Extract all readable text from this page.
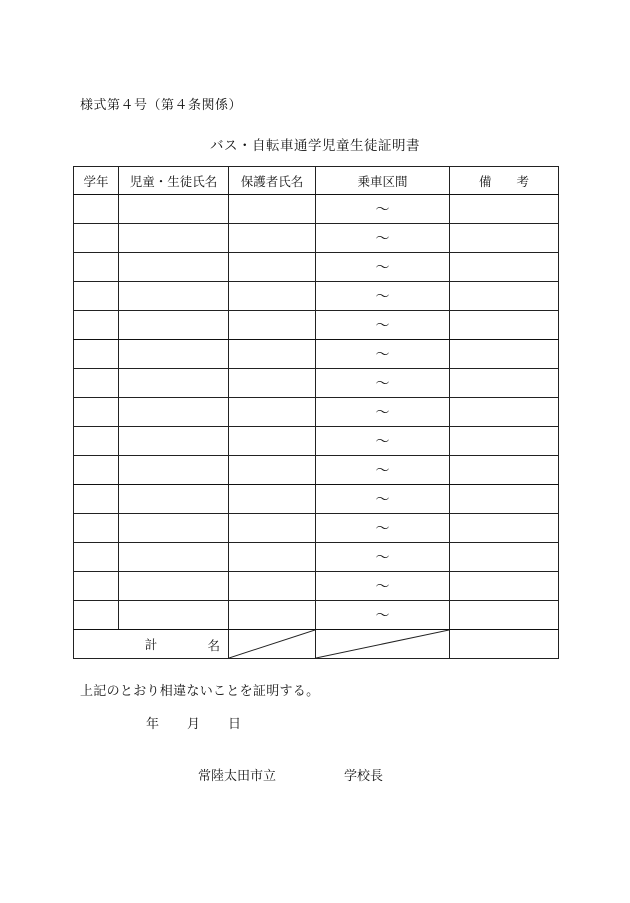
様式第４号（第４条関係）
バス・自転車通学児童生徒証明書
学年	児童・生徒氏名	保護者氏名	乗車区間	備　　考
			～	
			～	
			～	
			～	
			～	
			～	
			～	
			～	
			～	
			～	
			～	
			～	
			～	
			～	
			～	
計 名

上記のとおり相違ないことを証明する。
年 月 日
常陸太田市立	学校長
